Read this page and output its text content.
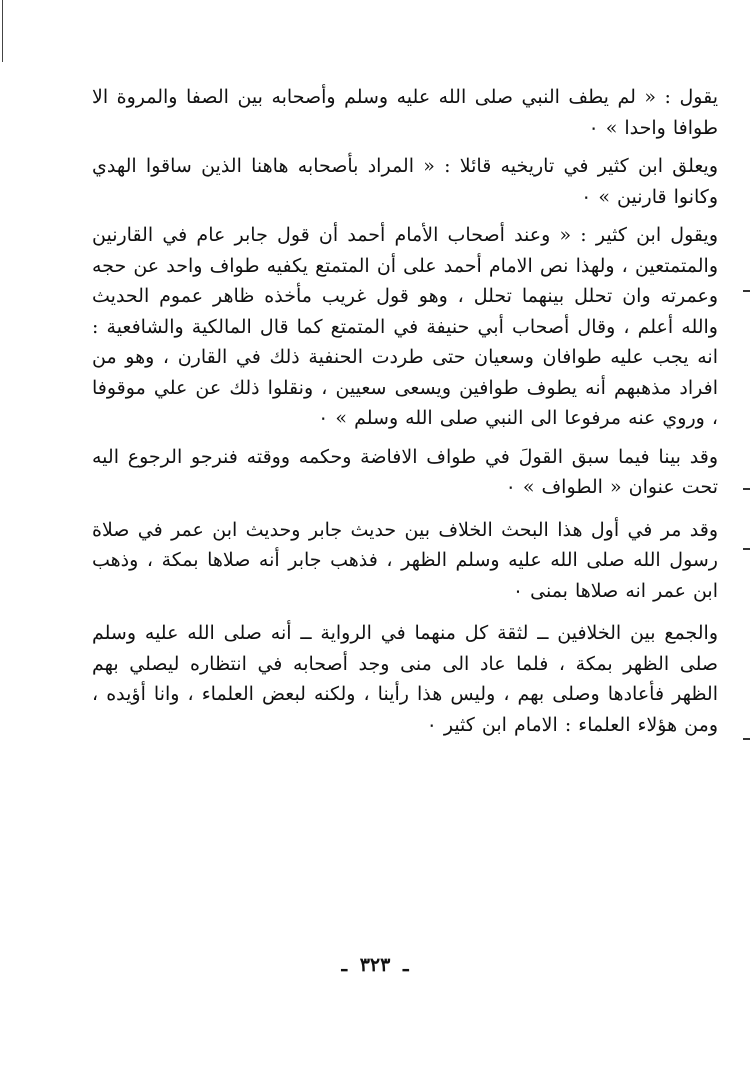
يقول : « لم يطف النبي صلى الله عليه وسلم وأصحابه بين الصفا والمروة الا طوافا واحدا » ٠

ويعلق ابن كثير في تاريخيه قائلا : « المراد بأصحابه هاهنا الذين ساقوا الهدي وكانوا قارنين » ٠

ويقول ابن كثير : « وعند أصحاب الأمام أحمد أن قول جابر عام في القارنين والمتمتعين ، ولهذا نص الامام أحمد على أن المتمتع يكفيه طواف واحد عن حجه وعمرته وان تحلل بينهما تحلل ، وهو قول غريب مأخذه ظاهر عموم الحديث والله أعلم ، وقال أصحاب أبي حنيفة في المتمتع كما قال المالكية والشافعية : انه يجب عليه طوافان وسعيان حتى طردت الحنفية ذلك في القارن ، وهو من افراد مذهبهم أنه يطوف طوافين ويسعى سعيين ، ونقلوا ذلك عن علي موقوفا ، وروي عنه مرفوعا الى النبي صلى الله وسلم » ٠

وقد بينا فيما سبق القولَ في طواف الافاضة وحكمه ووقته فنرجو الرجوع اليه تحت عنوان « الطواف » ٠

وقد مر في أول هذا البحث الخلاف بين حديث جابر وحديث ابن عمر في صلاة رسول الله صلى الله عليه وسلم الظهر ، فذهب جابر أنه صلاها بمكة ، وذهب ابن عمر انه صلاها بمنى ٠

والجمع بين الخلافين ــ لثقة كل منهما في الرواية ــ أنه صلى الله عليه وسلم صلى الظهر بمكة ، فلما عاد الى منى وجد أصحابه في انتظاره ليصلي بهم الظهر فأعادها وصلى بهم ، وليس هذا رأينا ، ولكنه لبعض العلماء ، وانا أؤيده ، ومن هؤلاء العلماء : الامام ابن كثير ٠

ـ ٣٢٣ ـ
